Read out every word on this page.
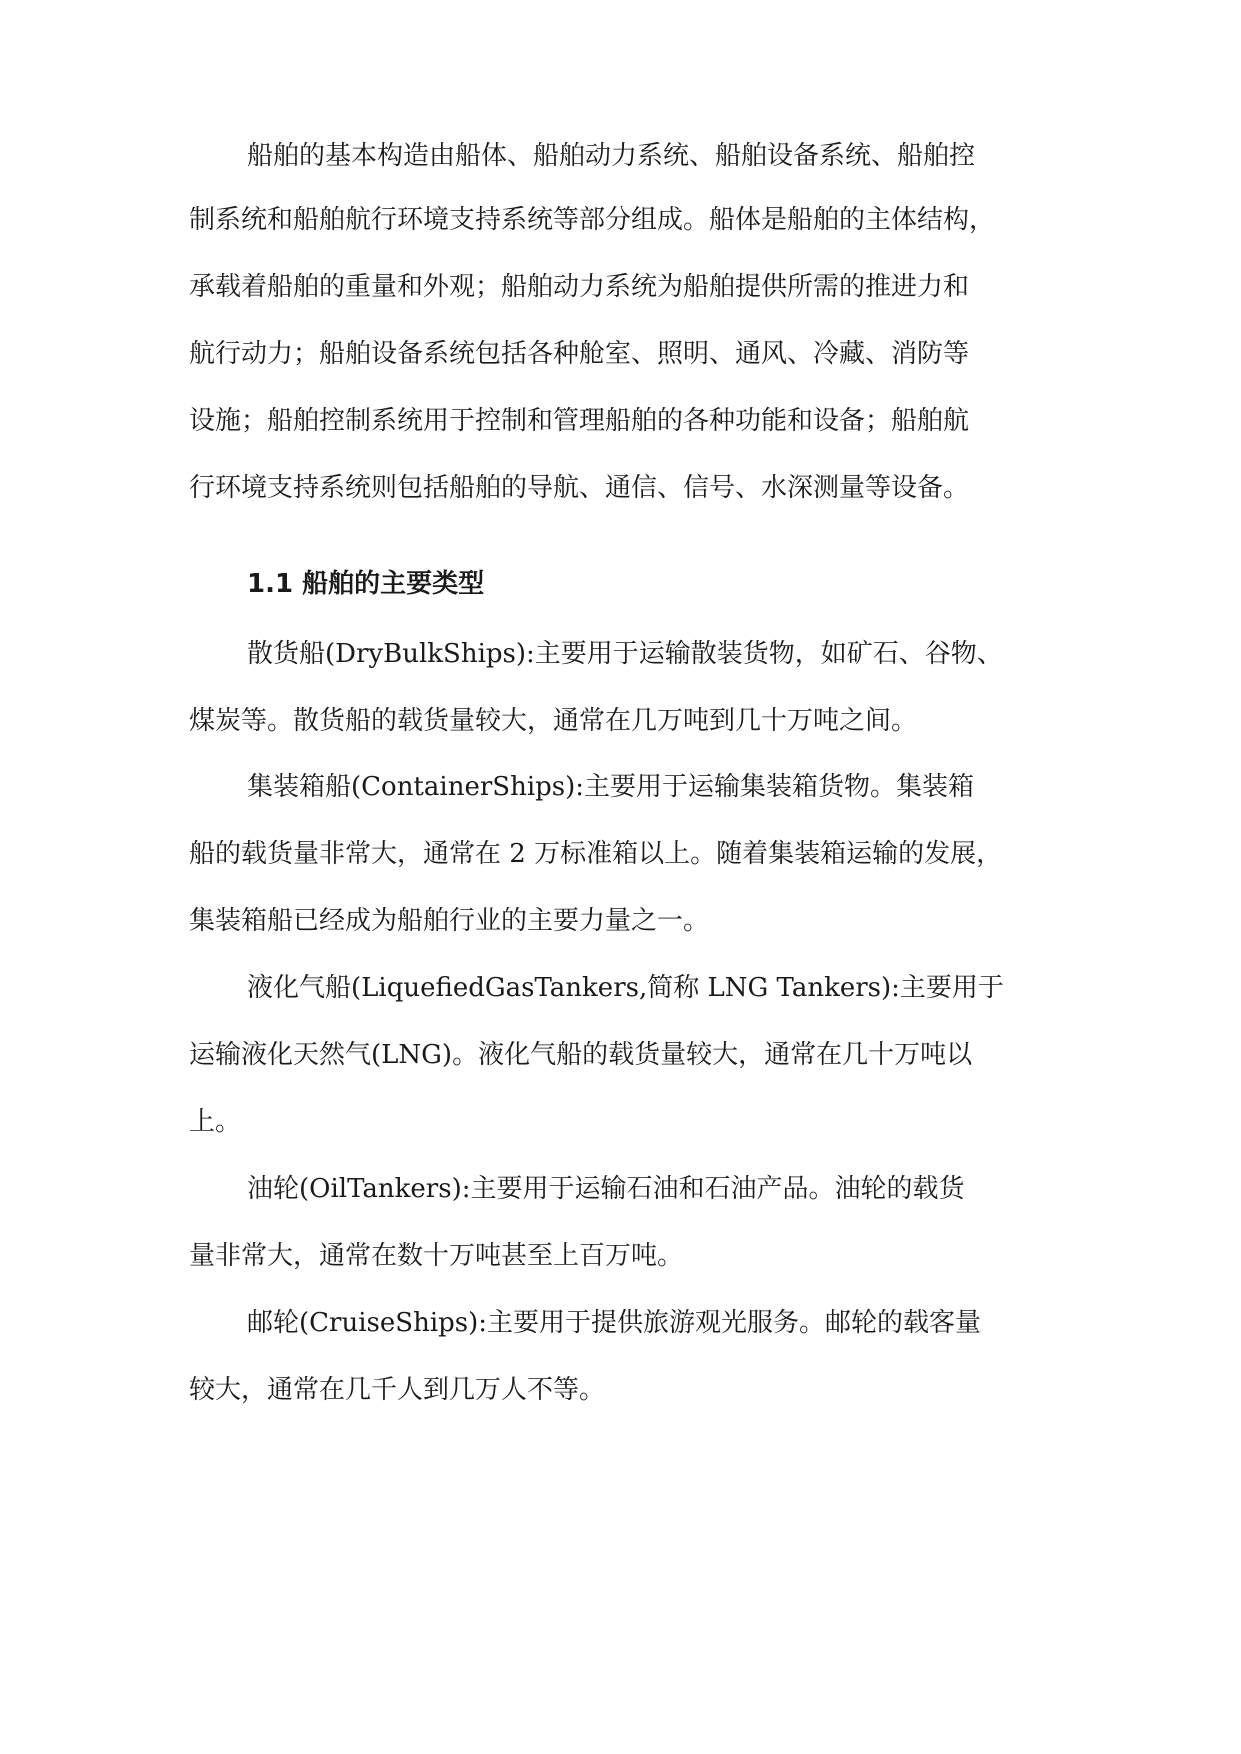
船舶的基本构造由船体、船舶动力系统、船舶设备系统、船舶控
制系统和船舶航行环境支持系统等部分组成。船体是船舶的主体结构，
承载着船舶的重量和外观；船舶动力系统为船舶提供所需的推进力和
航行动力；船舶设备系统包括各种舱室、照明、通风、冷藏、消防等
设施；船舶控制系统用于控制和管理船舶的各种功能和设备；船舶航
行环境支持系统则包括船舶的导航、通信、信号、水深测量等设备。
1.1 船舶的主要类型
散货船(DryBulkShips):主要用于运输散装货物，如矿石、谷物、
煤炭等。散货船的载货量较大，通常在几万吨到几十万吨之间。
集装箱船(ContainerShips):主要用于运输集装箱货物。集装箱
船的载货量非常大，通常在 2 万标准箱以上。随着集装箱运输的发展，
集装箱船已经成为船舶行业的主要力量之一。
液化气船(LiquefiedGasTankers,简称 LNG Tankers):主要用于
运输液化天然气(LNG)。液化气船的载货量较大，通常在几十万吨以
上。
油轮(OilTankers):主要用于运输石油和石油产品。油轮的载货
量非常大，通常在数十万吨甚至上百万吨。
邮轮(CruiseShips):主要用于提供旅游观光服务。邮轮的载客量
较大，通常在几千人到几万人不等。
